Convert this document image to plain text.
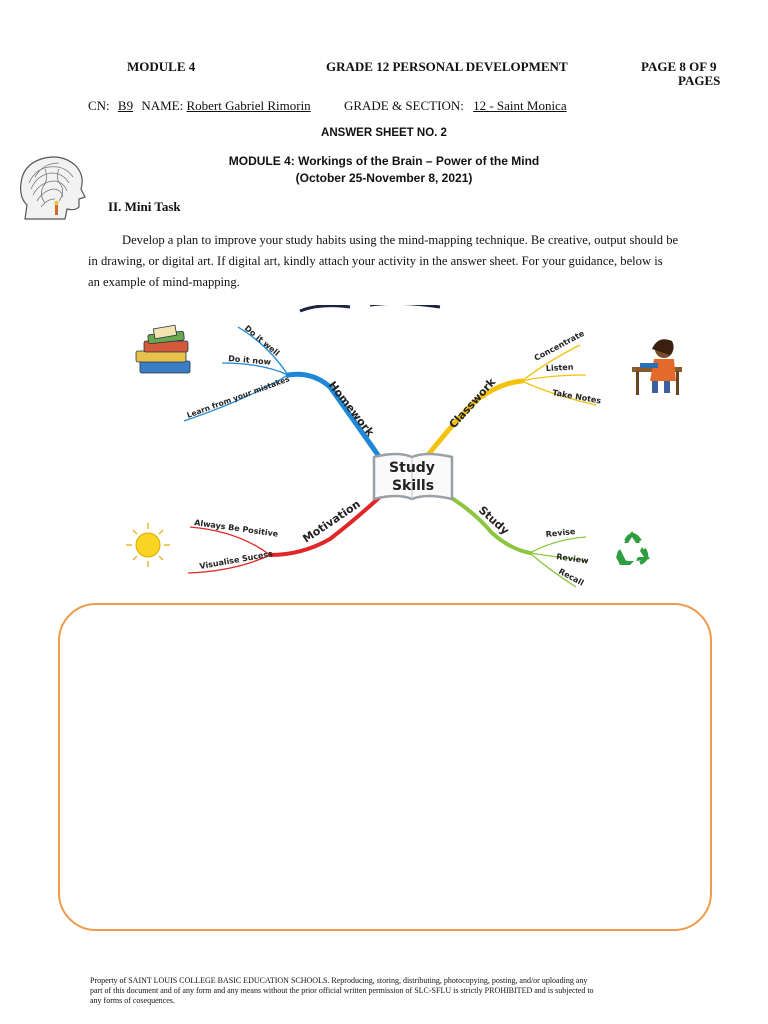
MODULE 4	GRADE 12 PERSONAL DEVELOPMENT	PAGE 8 OF 9
PAGES
CN: B9 NAME: Robert Gabriel Rimorin	GRADE & SECTION: 12 - Saint Monica
ANSWER SHEET NO. 2
MODULE 4: Workings of the Brain – Power of the Mind
(October 25-November 8, 2021)
II. Mini Task
Develop a plan to improve your study habits using the mind-mapping technique. Be creative, output should be
in drawing, or digital art. If digital art, kindly attach your activity in the answer sheet. For your guidance, below is
an example of mind-mapping.
Homework
Do it well
Do it now
Learn from your mistakes	Classwork
Concentrate
Listen
Take Notes
Motivation
Always Be Positive
Visualise Sucess
Study	Revise
Review
Recall
Study
Skills
Property of SAINT LOUIS COLLEGE BASIC EDUCATION SCHOOLS. Reproducing, storing, distributing, photocopying, posting, and/or uploading any
part of this document and of any form and any means without the prior official written permission of SLC-SFLU is strictly PROHIBITED and is subjected to
any forms of cosequences.
